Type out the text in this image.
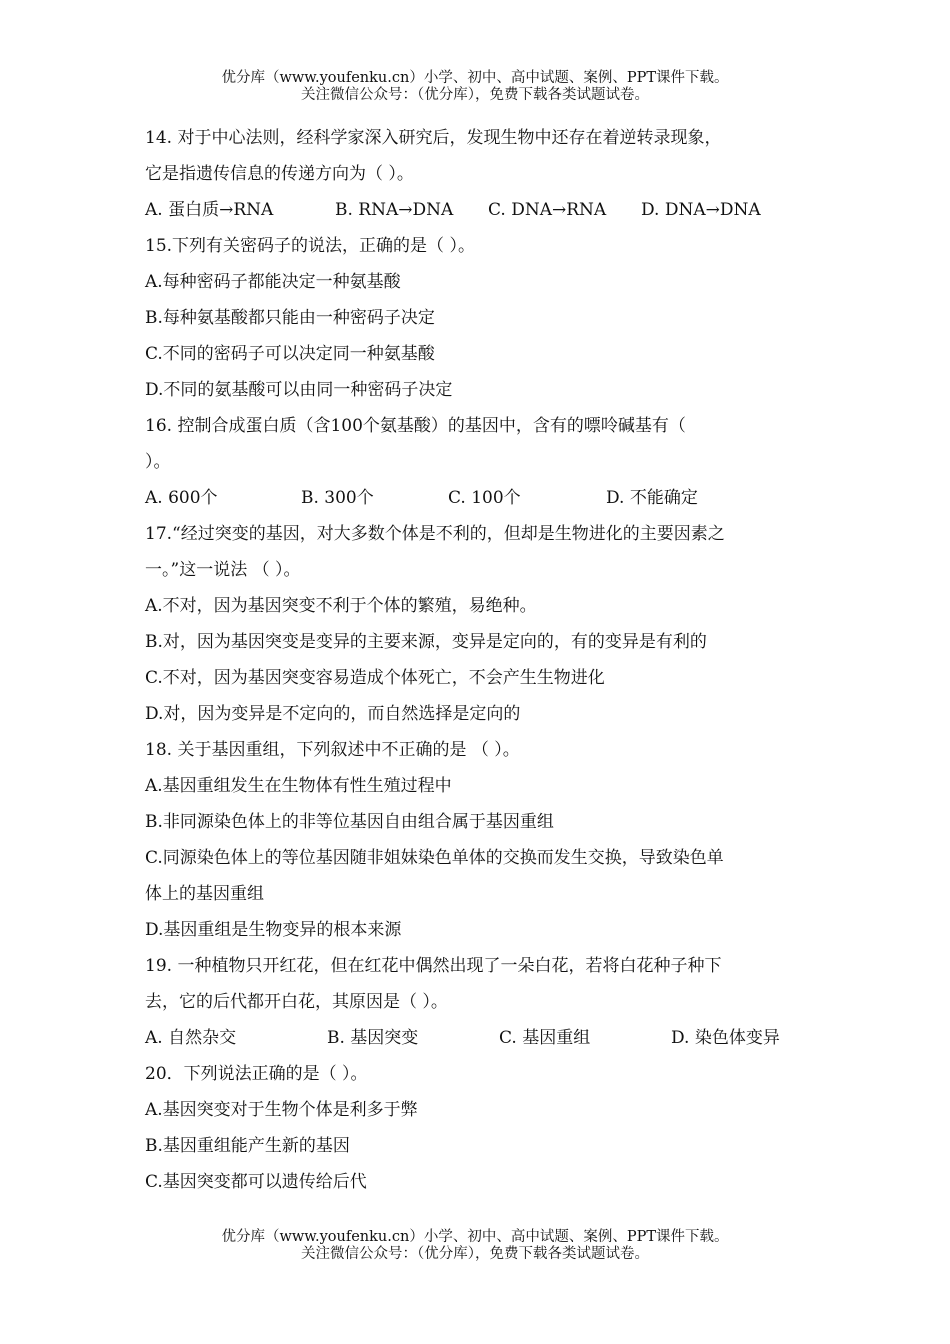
优分库（www.youfenku.cn）小学、初中、高中试题、案例、PPT课件下载。
关注微信公众号：（优分库），免费下载各类试题试卷。
14. 对于中心法则，经科学家深入研究后，发现生物中还存在着逆转录现象，
它是指遗传信息的传递方向为（ ）。
A. 蛋白质→RNA	B. RNA→DNA	C. DNA→RNA	D. DNA→DNA
15.下列有关密码子的说法，正确的是（ ）。
A.每种密码子都能决定一种氨基酸
B.每种氨基酸都只能由一种密码子决定
C.不同的密码子可以决定同一种氨基酸
D.不同的氨基酸可以由同一种密码子决定
16. 控制合成蛋白质（含100个氨基酸）的基因中，含有的嘌呤碱基有（
）。
A. 600个	B. 300个	C. 100个	D. 不能确定
17.“经过突变的基因，对大多数个体是不利的，但却是生物进化的主要因素之
一。”这一说法 （ ）。
A.不对，因为基因突变不利于个体的繁殖，易绝种。
B.对，因为基因突变是变异的主要来源，变异是定向的，有的变异是有利的
C.不对，因为基因突变容易造成个体死亡，不会产生生物进化
D.对，因为变异是不定向的，而自然选择是定向的
18. 关于基因重组，下列叙述中不正确的是 （ ）。
A.基因重组发生在生物体有性生殖过程中
B.非同源染色体上的非等位基因自由组合属于基因重组
C.同源染色体上的等位基因随非姐妹染色单体的交换而发生交换，导致染色单
体上的基因重组
D.基因重组是生物变异的根本来源
19. 一种植物只开红花，但在红花中偶然出现了一朵白花，若将白花种子种下
去，它的后代都开白花，其原因是（ ）。
A. 自然杂交	B. 基因突变	C. 基因重组	D. 染色体变异
20．下列说法正确的是（ ）。
A.基因突变对于生物个体是利多于弊
B.基因重组能产生新的基因
C.基因突变都可以遗传给后代
优分库（www.youfenku.cn）小学、初中、高中试题、案例、PPT课件下载。
关注微信公众号：（优分库），免费下载各类试题试卷。
